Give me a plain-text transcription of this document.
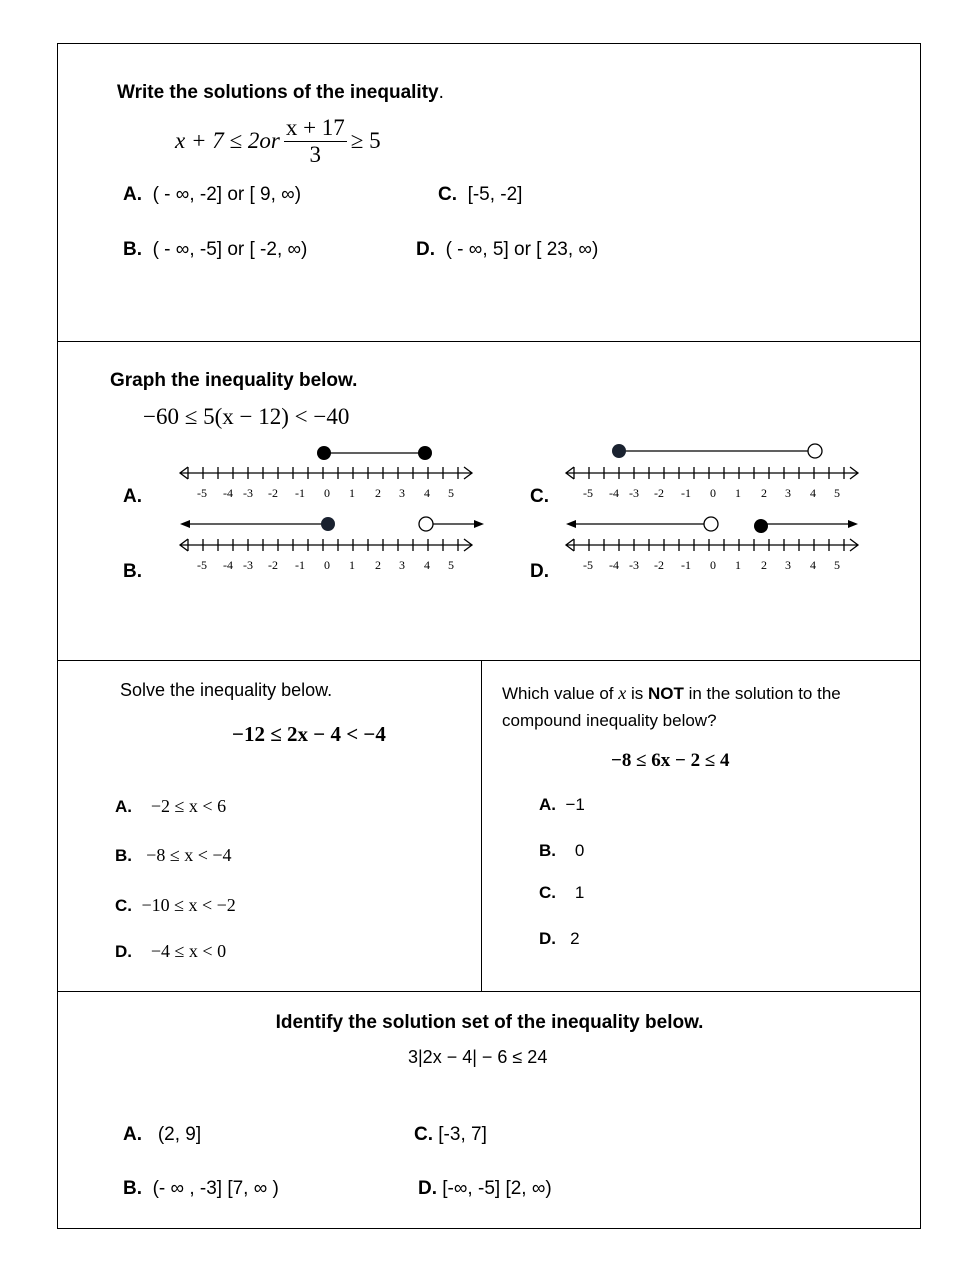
Write the solutions of the inequality.
$x + 7 \le 2or \frac{x + 17}{3} \ge 5$
A. ( - ∞, -2] or [ 9, ∞)	C. [-5, -2]
B. ( - ∞, -5] or [ -2, ∞)	D. ( - ∞, 5] or [ 23, ∞)
Graph the inequality below.
−60 ≤ 5(x − 12) < −40
A.
B.
C.
D.
-5 -4 -3 -2 -1 0 1 2 3 4 5
-5 -4 -3 -2 -1 0 1 2 3 4 5
-5 -4 -3 -2 -1 0 1 2 3 4 5
-5 -4 -3 -2 -1 0 1 2 3 4 5
Solve the inequality below.
−12 ≤ 2x − 4 < −4
A. −2 ≤ x < 6
B. −8 ≤ x < −4
C. −10 ≤ x < −2
D. −4 ≤ x < 0
Which value of x is NOT in the solution to the
compound inequality below?
−8 ≤ 6x − 2 ≤ 4
A. −1
B. 0
C. 1
D. 2
Identify the solution set of the inequality below.
3|2x − 4| − 6 ≤ 24
A. (2, 9]	C. [-3, 7]
B. (- ∞ , -3] [7, ∞ )	D. [-∞, -5] [2, ∞)
